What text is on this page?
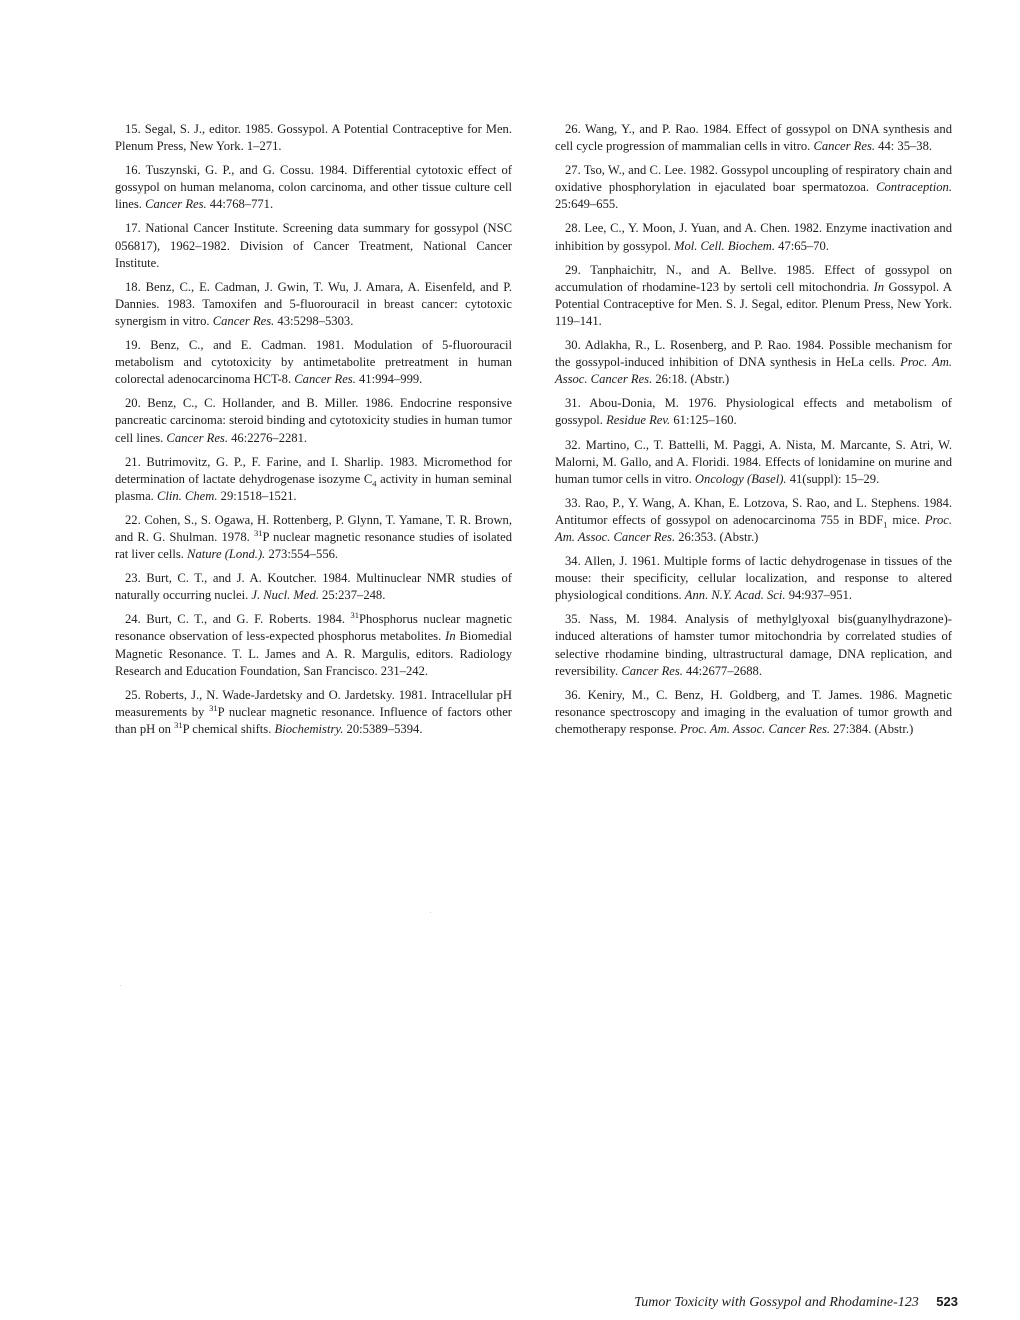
15. Segal, S. J., editor. 1985. Gossypol. A Potential Contraceptive for Men. Plenum Press, New York. 1–271.

16. Tuszynski, G. P., and G. Cossu. 1984. Differential cytotoxic effect of gossypol on human melanoma, colon carcinoma, and other tissue culture cell lines. Cancer Res. 44:768–771.

17. National Cancer Institute. Screening data summary for gossypol (NSC 056817), 1962–1982. Division of Cancer Treatment, National Cancer Institute.

18. Benz, C., E. Cadman, J. Gwin, T. Wu, J. Amara, A. Eisenfeld, and P. Dannies. 1983. Tamoxifen and 5-fluorouracil in breast cancer: cytotoxic synergism in vitro. Cancer Res. 43:5298–5303.

19. Benz, C., and E. Cadman. 1981. Modulation of 5-fluorouracil metabolism and cytotoxicity by antimetabolite pretreatment in human colorectal adenocarcinoma HCT-8. Cancer Res. 41:994–999.

20. Benz, C., C. Hollander, and B. Miller. 1986. Endocrine responsive pancreatic carcinoma: steroid binding and cytotoxicity studies in human tumor cell lines. Cancer Res. 46:2276–2281.

21. Butrimovitz, G. P., F. Farine, and I. Sharlip. 1983. Micromethod for determination of lactate dehydrogenase isozyme $C_4$ activity in human seminal plasma. Clin. Chem. 29:1518–1521.

22. Cohen, S., S. Ogawa, H. Rottenberg, P. Glynn, T. Yamane, T. R. Brown, and R. G. Shulman. 1978. $^{31}$P nuclear magnetic resonance studies of isolated rat liver cells. Nature (Lond.). 273:554–556.

23. Burt, C. T., and J. A. Koutcher. 1984. Multinuclear NMR studies of naturally occurring nuclei. J. Nucl. Med. 25:237–248.

24. Burt, C. T., and G. F. Roberts. 1984. $^{31}$Phosphorus nuclear magnetic resonance observation of less-expected phosphorus metabolites. In Biomedial Magnetic Resonance. T. L. James and A. R. Margulis, editors. Radiology Research and Education Foundation, San Francisco. 231–242.

25. Roberts, J., N. Wade-Jardetsky and O. Jardetsky. 1981. Intracellular pH measurements by $^{31}$P nuclear magnetic resonance. Influence of factors other than pH on $^{31}$P chemical shifts. Biochemistry. 20:5389–5394.

26. Wang, Y., and P. Rao. 1984. Effect of gossypol on DNA synthesis and cell cycle progression of mammalian cells in vitro. Cancer Res. 44: 35–38.

27. Tso, W., and C. Lee. 1982. Gossypol uncoupling of respiratory chain and oxidative phosphorylation in ejaculated boar spermatozoa. Contraception. 25:649–655.

28. Lee, C., Y. Moon, J. Yuan, and A. Chen. 1982. Enzyme inactivation and inhibition by gossypol. Mol. Cell. Biochem. 47:65–70.

29. Tanphaichitr, N., and A. Bellve. 1985. Effect of gossypol on accumulation of rhodamine-123 by sertoli cell mitochondria. In Gossypol. A Potential Contraceptive for Men. S. J. Segal, editor. Plenum Press, New York. 119–141.

30. Adlakha, R., L. Rosenberg, and P. Rao. 1984. Possible mechanism for the gossypol-induced inhibition of DNA synthesis in HeLa cells. Proc. Am. Assoc. Cancer Res. 26:18. (Abstr.)

31. Abou-Donia, M. 1976. Physiological effects and metabolism of gossypol. Residue Rev. 61:125–160.

32. Martino, C., T. Battelli, M. Paggi, A. Nista, M. Marcante, S. Atri, W. Malorni, M. Gallo, and A. Floridi. 1984. Effects of lonidamine on murine and human tumor cells in vitro. Oncology (Basel). 41(suppl): 15–29.

33. Rao, P., Y. Wang, A. Khan, E. Lotzova, S. Rao, and L. Stephens. 1984. Antitumor effects of gossypol on adenocarcinoma 755 in $BDF_1$ mice. Proc. Am. Assoc. Cancer Res. 26:353. (Abstr.)

34. Allen, J. 1961. Multiple forms of lactic dehydrogenase in tissues of the mouse: their specificity, cellular localization, and response to altered physiological conditions. Ann. N.Y. Acad. Sci. 94:937–951.

35. Nass, M. 1984. Analysis of methylglyoxal bis(guanylhydrazone)-induced alterations of hamster tumor mitochondria by correlated studies of selective rhodamine binding, ultrastructural damage, DNA replication, and reversibility. Cancer Res. 44:2677–2688.

36. Keniry, M., C. Benz, H. Goldberg, and T. James. 1986. Magnetic resonance spectroscopy and imaging in the evaluation of tumor growth and chemotherapy response. Proc. Am. Assoc. Cancer Res. 27:384. (Abstr.)

Tumor Toxicity with Gossypol and Rhodamine-123 523
